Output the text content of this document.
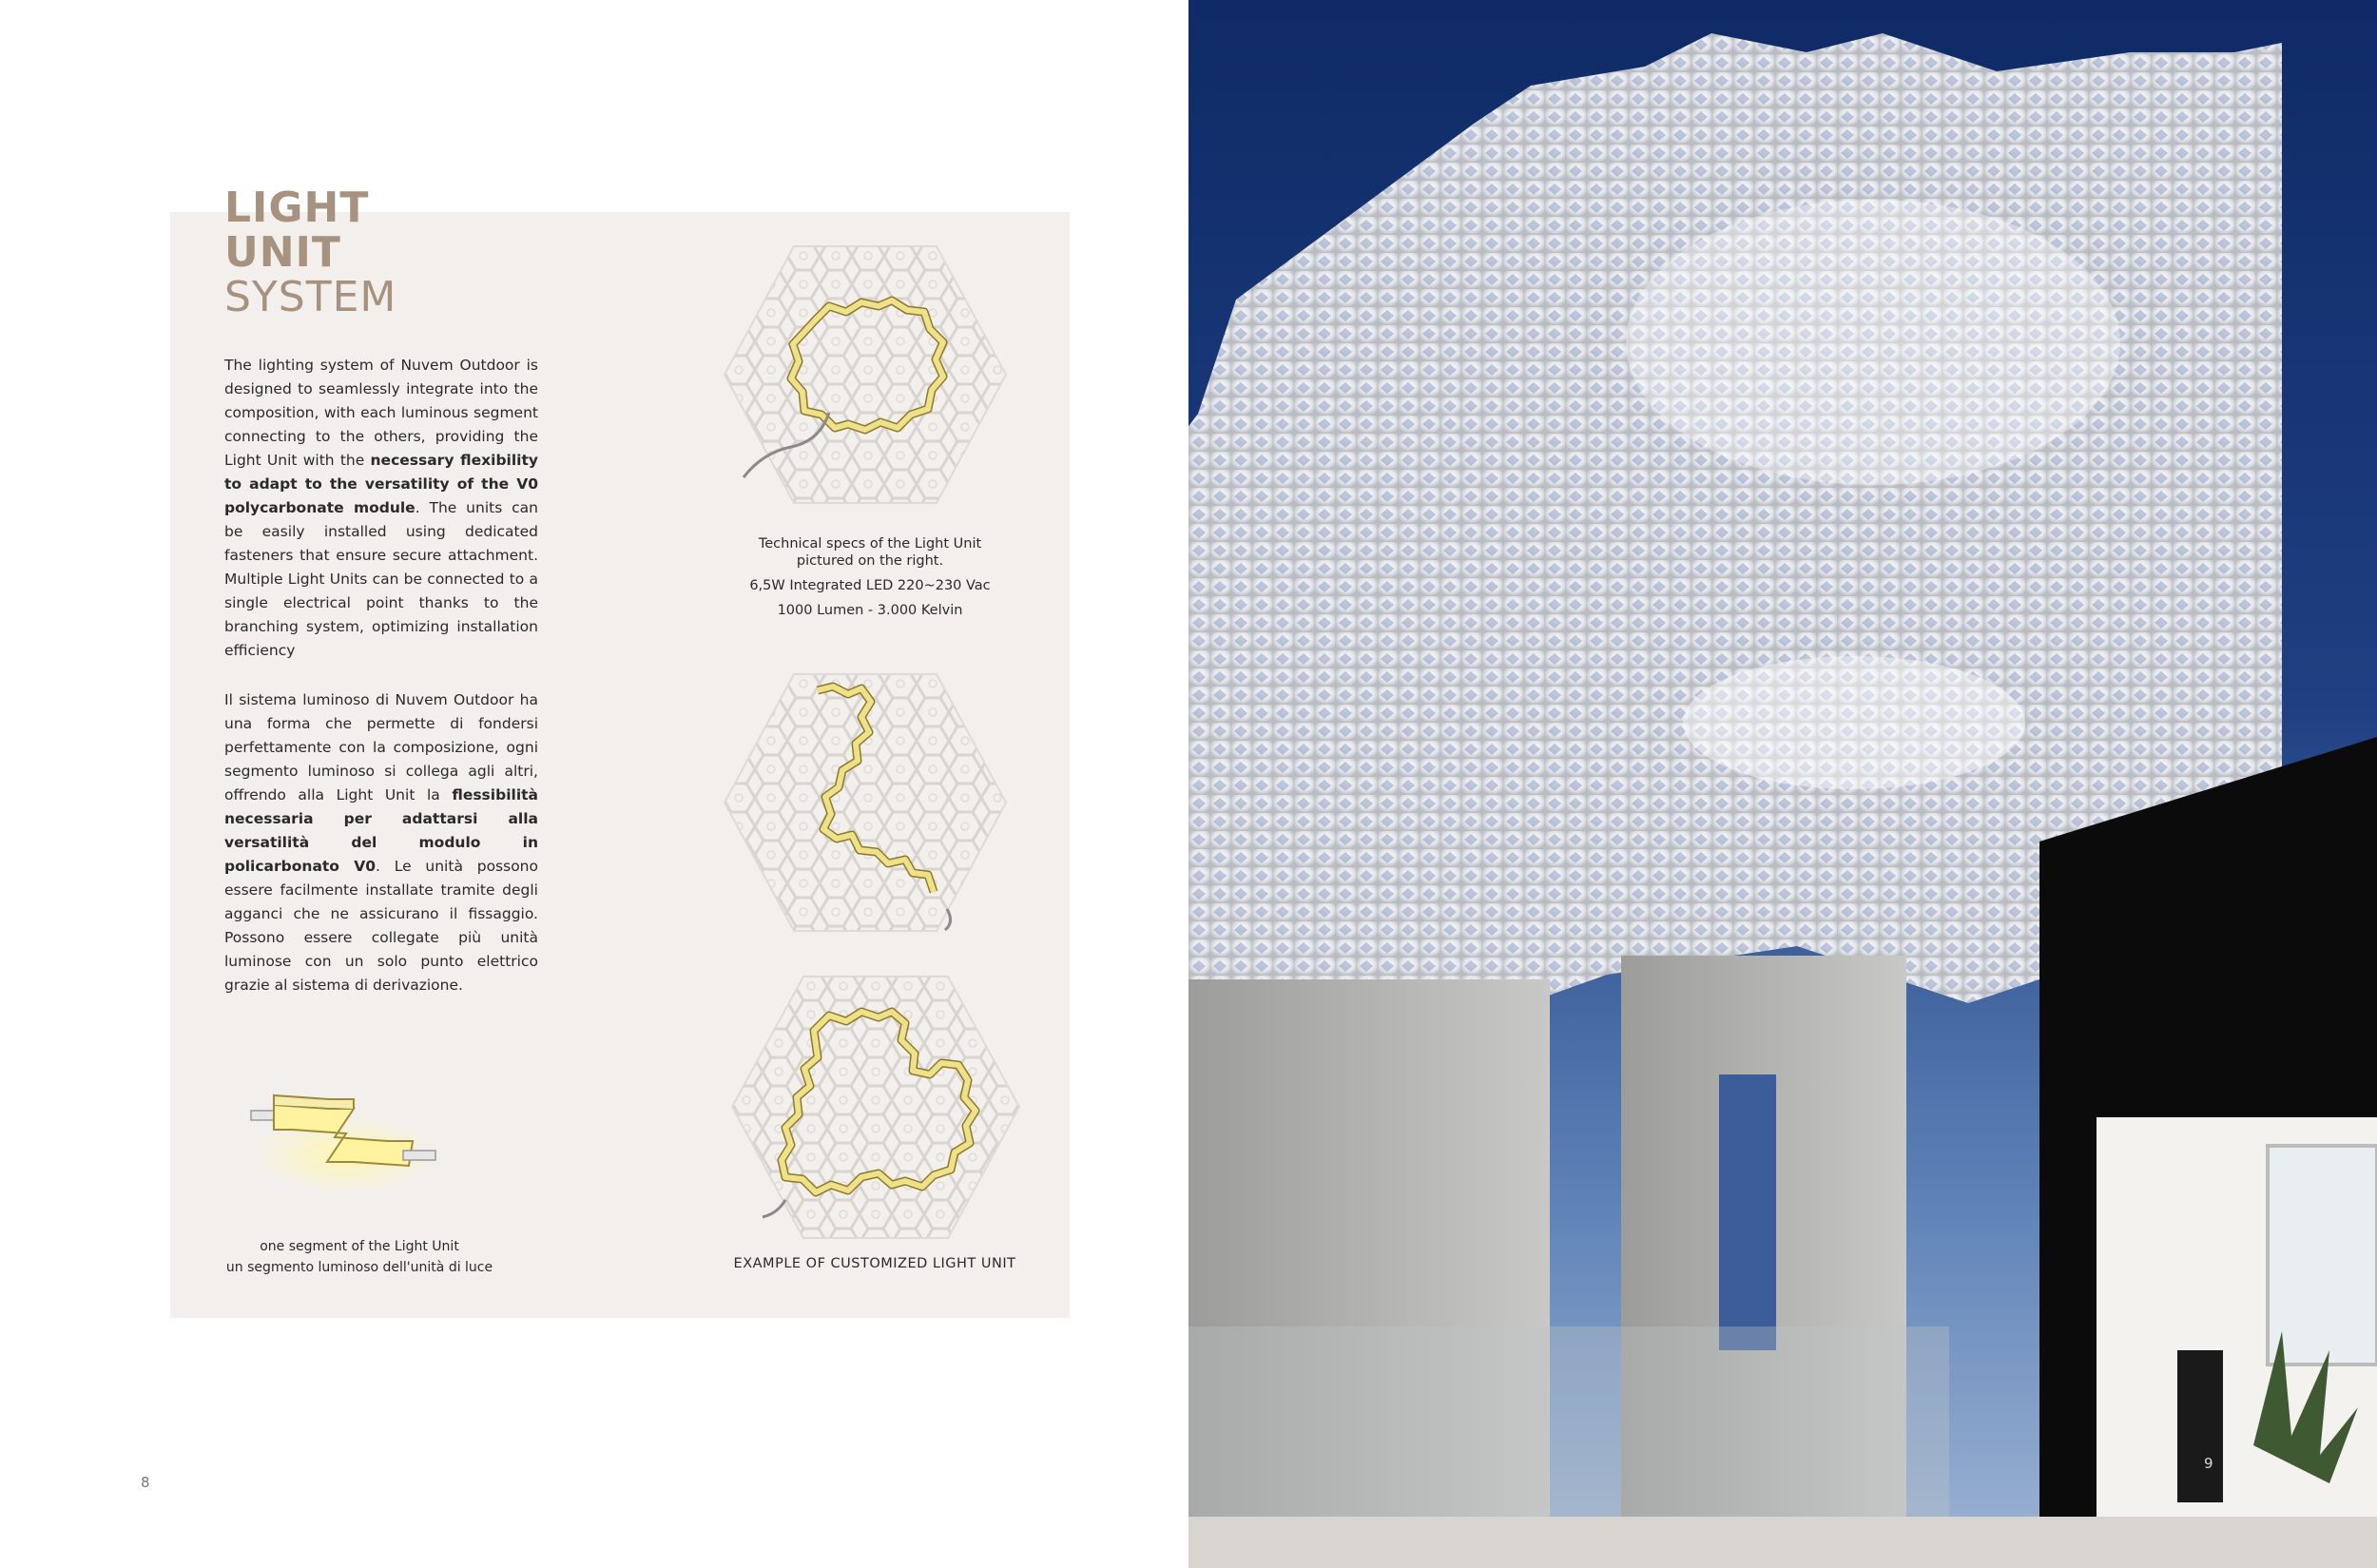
LIGHT
UNIT
SYSTEM
The lighting system of Nuvem Outdoor is designed to seamlessly integrate into the composition, with each luminous segment connecting to the others, providing the Light Unit with the necessary flexibility to adapt to the versatility of the V0 polycarbonate module. The units can be easily installed using dedicated fasteners that ensure secure attachment. Multiple Light Units can be connected to a single electrical point thanks to the branching system, optimizing installation efficiency
Il sistema luminoso di Nuvem Outdoor ha una forma che permette di fondersi perfettamente con la composizione, ogni segmento luminoso si collega agli altri, offrendo alla Light Unit la flessibilità necessaria per adattarsi alla versatilità del modulo in policarbonato V0. Le unità possono essere facilmente installate tramite degli agganci che ne assicurano il fissaggio. Possono essere collegate più unità luminose con un solo punto elettrico grazie al sistema di derivazione.
Technical specs of the Light Unit
pictured on the right.
6,5W Integrated LED 220~230 Vac
1000 Lumen - 3.000 Kelvin
one segment of the Light Unit
un segmento luminoso dell'unità di luce	EXAMPLE OF CUSTOMIZED LIGHT UNIT
8
9
